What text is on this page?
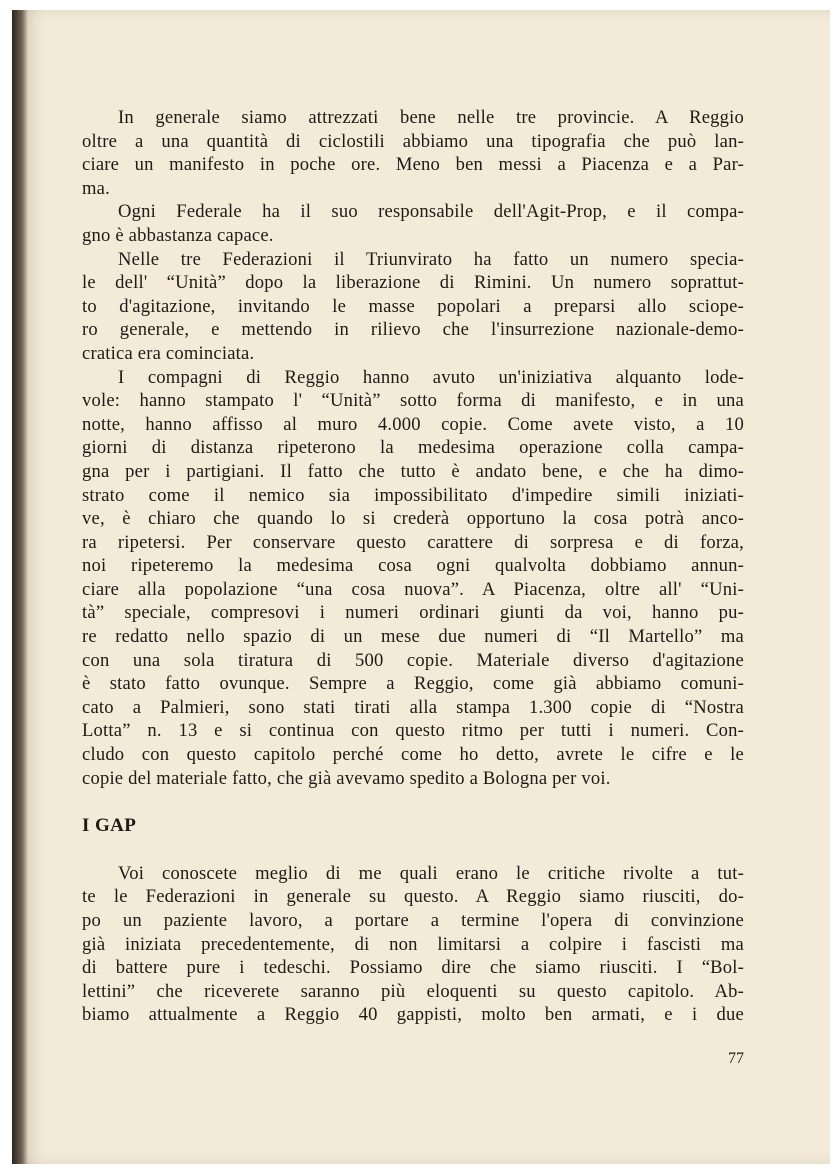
In generale siamo attrezzati bene nelle tre provincie. A Reggio
oltre a una quantità di ciclostili abbiamo una tipografia che può lan-
ciare un manifesto in poche ore. Meno ben messi a Piacenza e a Par-
ma.
Ogni Federale ha il suo responsabile dell'Agit-Prop, e il compa-
gno è abbastanza capace.
Nelle tre Federazioni il Triunvirato ha fatto un numero specia-
le dell' “Unità” dopo la liberazione di Rimini. Un numero soprattut-
to d'agitazione, invitando le masse popolari a preparsi allo sciope-
ro generale, e mettendo in rilievo che l'insurrezione nazionale-demo-
cratica era cominciata.
I compagni di Reggio hanno avuto un'iniziativa alquanto lode-
vole: hanno stampato l' “Unità” sotto forma di manifesto, e in una
notte, hanno affisso al muro 4.000 copie. Come avete visto, a 10
giorni di distanza ripeterono la medesima operazione colla campa-
gna per i partigiani. Il fatto che tutto è andato bene, e che ha dimo-
strato come il nemico sia impossibilitato d'impedire simili iniziati-
ve, è chiaro che quando lo si crederà opportuno la cosa potrà anco-
ra ripetersi. Per conservare questo carattere di sorpresa e di forza,
noi ripeteremo la medesima cosa ogni qualvolta dobbiamo annun-
ciare alla popolazione “una cosa nuova”. A Piacenza, oltre all' “Uni-
tà” speciale, compresovi i numeri ordinari giunti da voi, hanno pu-
re redatto nello spazio di un mese due numeri di “Il Martello” ma
con una sola tiratura di 500 copie. Materiale diverso d'agitazione
è stato fatto ovunque. Sempre a Reggio, come già abbiamo comuni-
cato a Palmieri, sono stati tirati alla stampa 1.300 copie di “Nostra
Lotta” n. 13 e si continua con questo ritmo per tutti i numeri. Con-
cludo con questo capitolo perché come ho detto, avrete le cifre e le
copie del materiale fatto, che già avevamo spedito a Bologna per voi.
I GAP
Voi conoscete meglio di me quali erano le critiche rivolte a tut-
te le Federazioni in generale su questo. A Reggio siamo riusciti, do-
po un paziente lavoro, a portare a termine l'opera di convinzione
già iniziata precedentemente, di non limitarsi a colpire i fascisti ma
di battere pure i tedeschi. Possiamo dire che siamo riusciti. I “Bol-
lettini” che riceverete saranno più eloquenti su questo capitolo. Ab-
biamo attualmente a Reggio 40 gappisti, molto ben armati, e i due
77
